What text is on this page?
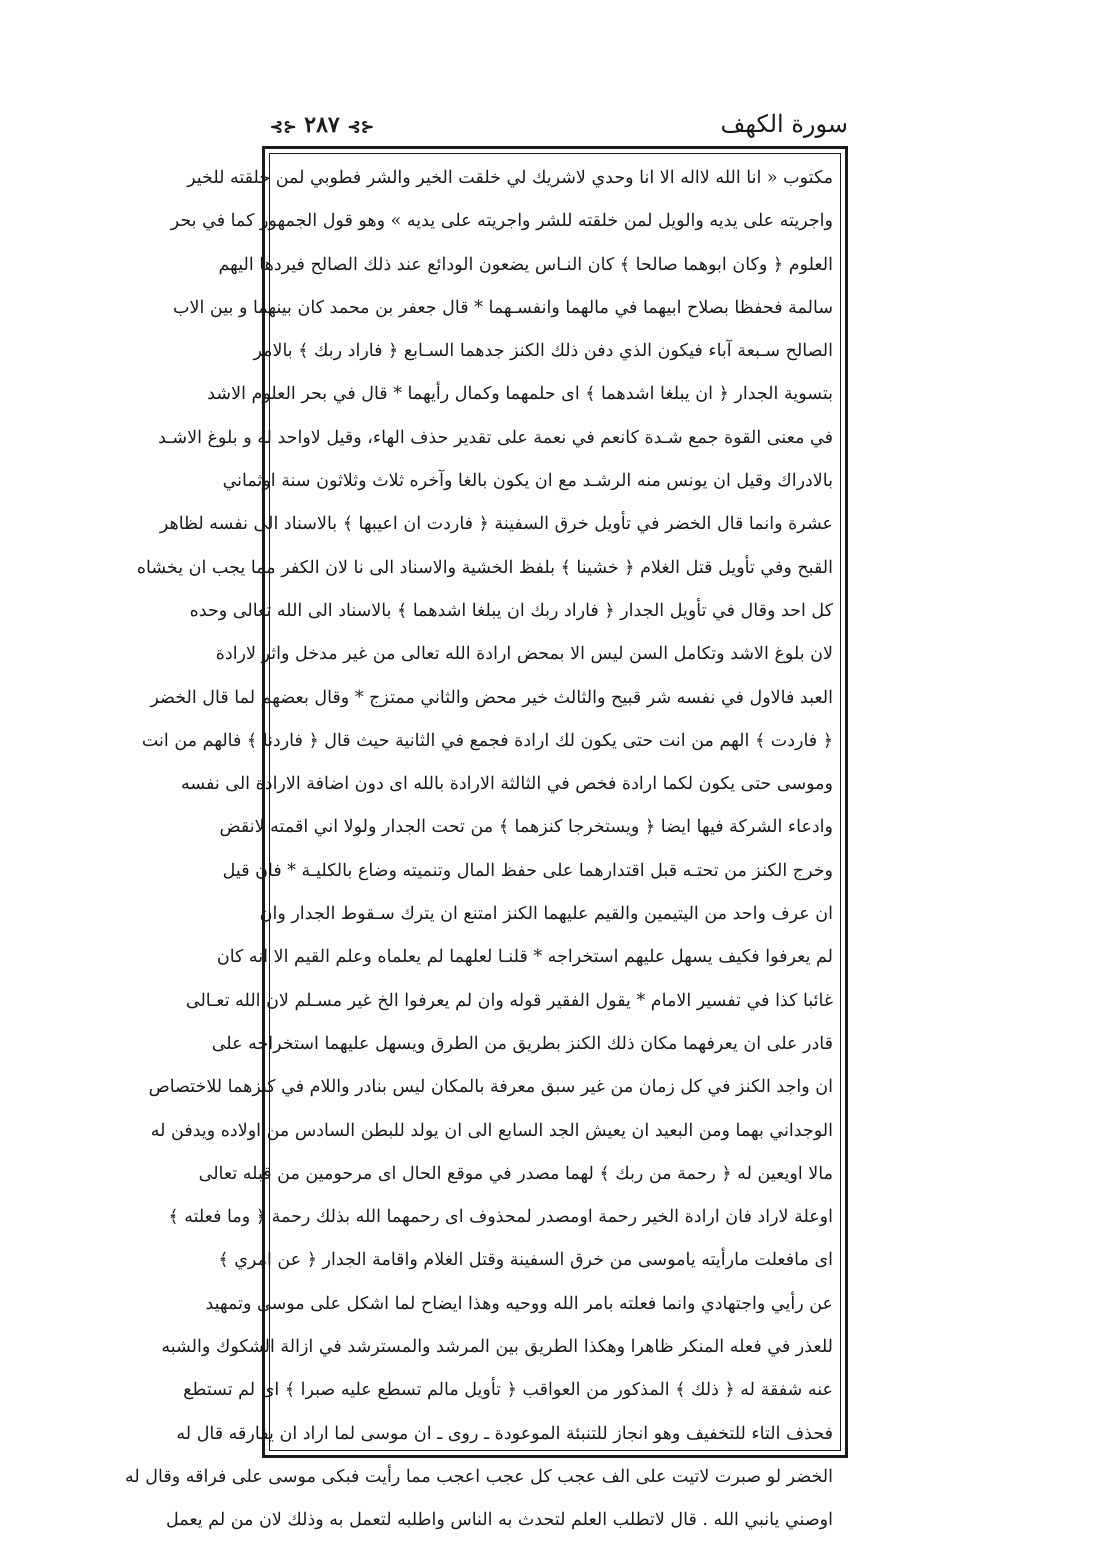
سورة الكهف
⊰⊱ ٢٨٧ ⊰⊱
مكتوب « انا الله لااله الا انا وحدي لاشريك لي خلقت الخير والشر فطوبي لمن خلقته للخير
واجريته على يديه والويل لمن خلقته للشر واجريته على يديه » وهو قول الجمهور كما في بحر
العلوم ﴿ وكان ابوهما صالحا ﴾ كان النـاس يضعون الودائع عند ذلك الصالح فيردها اليهم
سالمة فحفظا بصلاح ابيهما في مالهما وانفسـهما * قال جعفر بن محمد كان بينهما و بين الاب
الصالح سـبعة آباء فيكون الذي دفن ذلك الكنز جدهما السـابع ﴿ فاراد ربك ﴾ بالامر
بتسوية الجدار ﴿ ان يبلغا اشدهما ﴾ اى حلمهما وكمال رأيهما * قال في بحر العلوم الاشد
في معنى القوة جمع شـدة كانعم في نعمة على تقدير حذف الهاء، وقيل لاواحد له و بلوغ الاشـد
بالادراك وقيل ان يونس منه الرشـد مع ان يكون بالغا وآخره ثلاث وثلاثون سنة اوثماني
عشرة وانما قال الخضر في تأويل خرق السفينة ﴿ فاردت ان اعيبها ﴾ بالاسناد الى نفسه لظاهر
القبح وفي تأويل قتل الغلام ﴿ خشينا ﴾ بلفظ الخشية والاسناد الى نا لان الكفر مما يجب ان يخشاه
كل احد وقال في تأويل الجدار ﴿ فاراد ربك ان يبلغا اشدهما ﴾ بالاسناد الى الله تعالى وحده
لان بلوغ الاشد وتكامل السن ليس الا بمحض ارادة الله تعالى من غير مدخل واثر لارادة
العبد فالاول في نفسه شر قبيح والثالث خير محض والثاني ممتزج * وقال بعضهم لما قال الخضر
﴿ فاردت ﴾ الهم من انت حتى يكون لك ارادة فجمع في الثانية حيث قال ﴿ فاردنا ﴾ فالهم من انت
وموسى حتى يكون لكما ارادة فخص في الثالثة الارادة بالله اى دون اضافة الارادة الى نفسه
وادعاء الشركة فيها ايضا ﴿ ويستخرجا كنزهما ﴾ من تحت الجدار ولولا اني اقمته لانقض
وخرج الكنز من تحتـه قبل اقتدارهما على حفظ المال وتنميته وضاع بالكليـة * فان قيل
ان عرف واحد من اليتيمين والقيم عليهما الكنز امتنع ان يترك سـقوط الجدار وان
لم يعرفوا فكيف يسهل عليهم استخراجه * قلنـا لعلهما لم يعلماه وعلم القيم الا انه كان
غائبا كذا في تفسير الامام * يقول الفقير قوله وان لم يعرفوا الخ غير مسـلم لان الله تعـالى
قادر على ان يعرفهما مكان ذلك الكنز بطريق من الطرق ويسهل عليهما استخراجه على
ان واجد الكنز في كل زمان من غير سبق معرفة بالمكان ليس بنادر واللام في كنزهما للاختصاص
الوجداني بهما ومن البعيد ان يعيش الجد السابع الى ان يولد للبطن السادس من اولاده ويدفن له
مالا اويعين له ﴿ رحمة من ربك ﴾ لهما مصدر في موقع الحال اى مرحومين من قبله تعالى
اوعلة لاراد فان ارادة الخير رحمة اومصدر لمحذوف اى رحمهما الله بذلك رحمة ﴿ وما فعلته ﴾
اى مافعلت مارأيته ياموسى من خرق السفينة وقتل الغلام واقامة الجدار ﴿ عن امري ﴾
عن رأيي واجتهادي وانما فعلته بامر الله ووحيه وهذا ايضاح لما اشكل على موسى وتمهيد
للعذر في فعله المنكر ظاهرا وهكذا الطريق بين المرشد والمسترشد في ازالة الشكوك والشبه
عنه شفقة له ﴿ ذلك ﴾ المذكور من العواقب ﴿ تأويل مالم تسطع عليه صبرا ﴾ اى لم تستطع
فحذف التاء للتخفيف وهو انجاز للتنبئة الموعودة ـ روى ـ ان موسى لما اراد ان يفارقه قال له
الخضر لو صبرت لاتيت على الف عجب كل عجب اعجب مما رأيت فبكى موسى على فراقه وقال له
اوصني يانبي الله . قال لاتطلب العلم لتحدث به الناس واطلبه لتعمل به وذلك لان من لم يعمل
